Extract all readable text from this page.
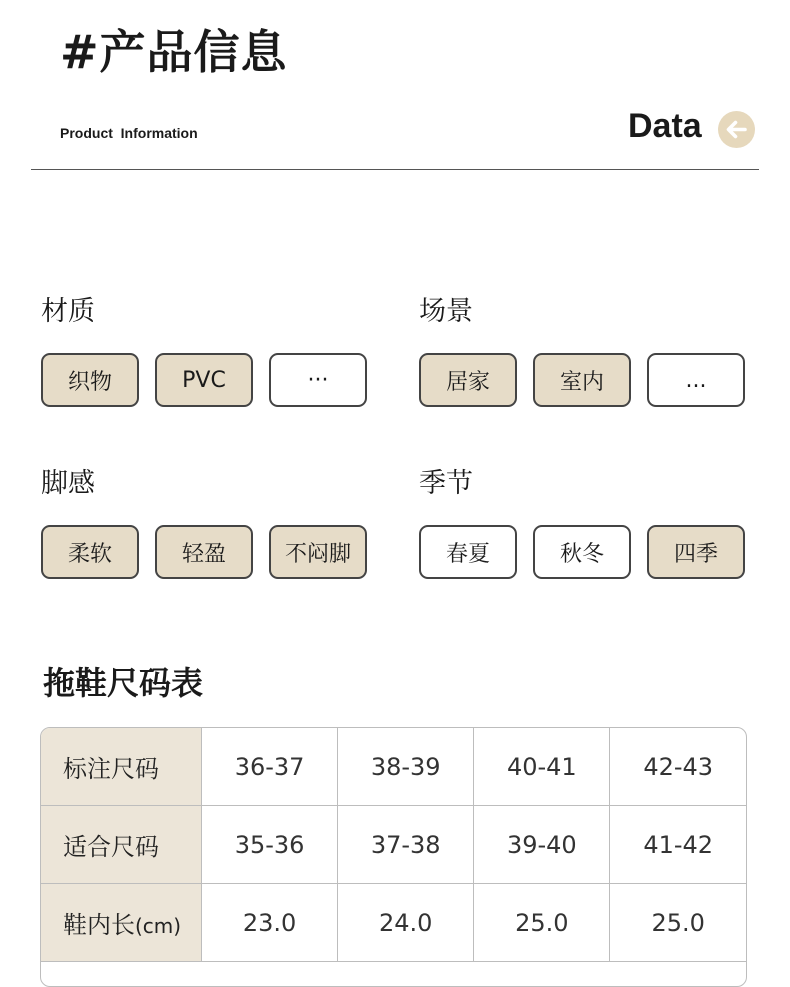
#产品信息
Product  Information	Data
材质
织物	PVC	···
场景
居家	室内	...
脚感
柔软	轻盈	不闷脚
季节
春夏	秋冬	四季
拖鞋尺码表
标注尺码	36-37	38-39	40-41	42-43
适合尺码	35-36	37-38	39-40	41-42
鞋内长(cm)	23.0	24.0	25.0	25.0
